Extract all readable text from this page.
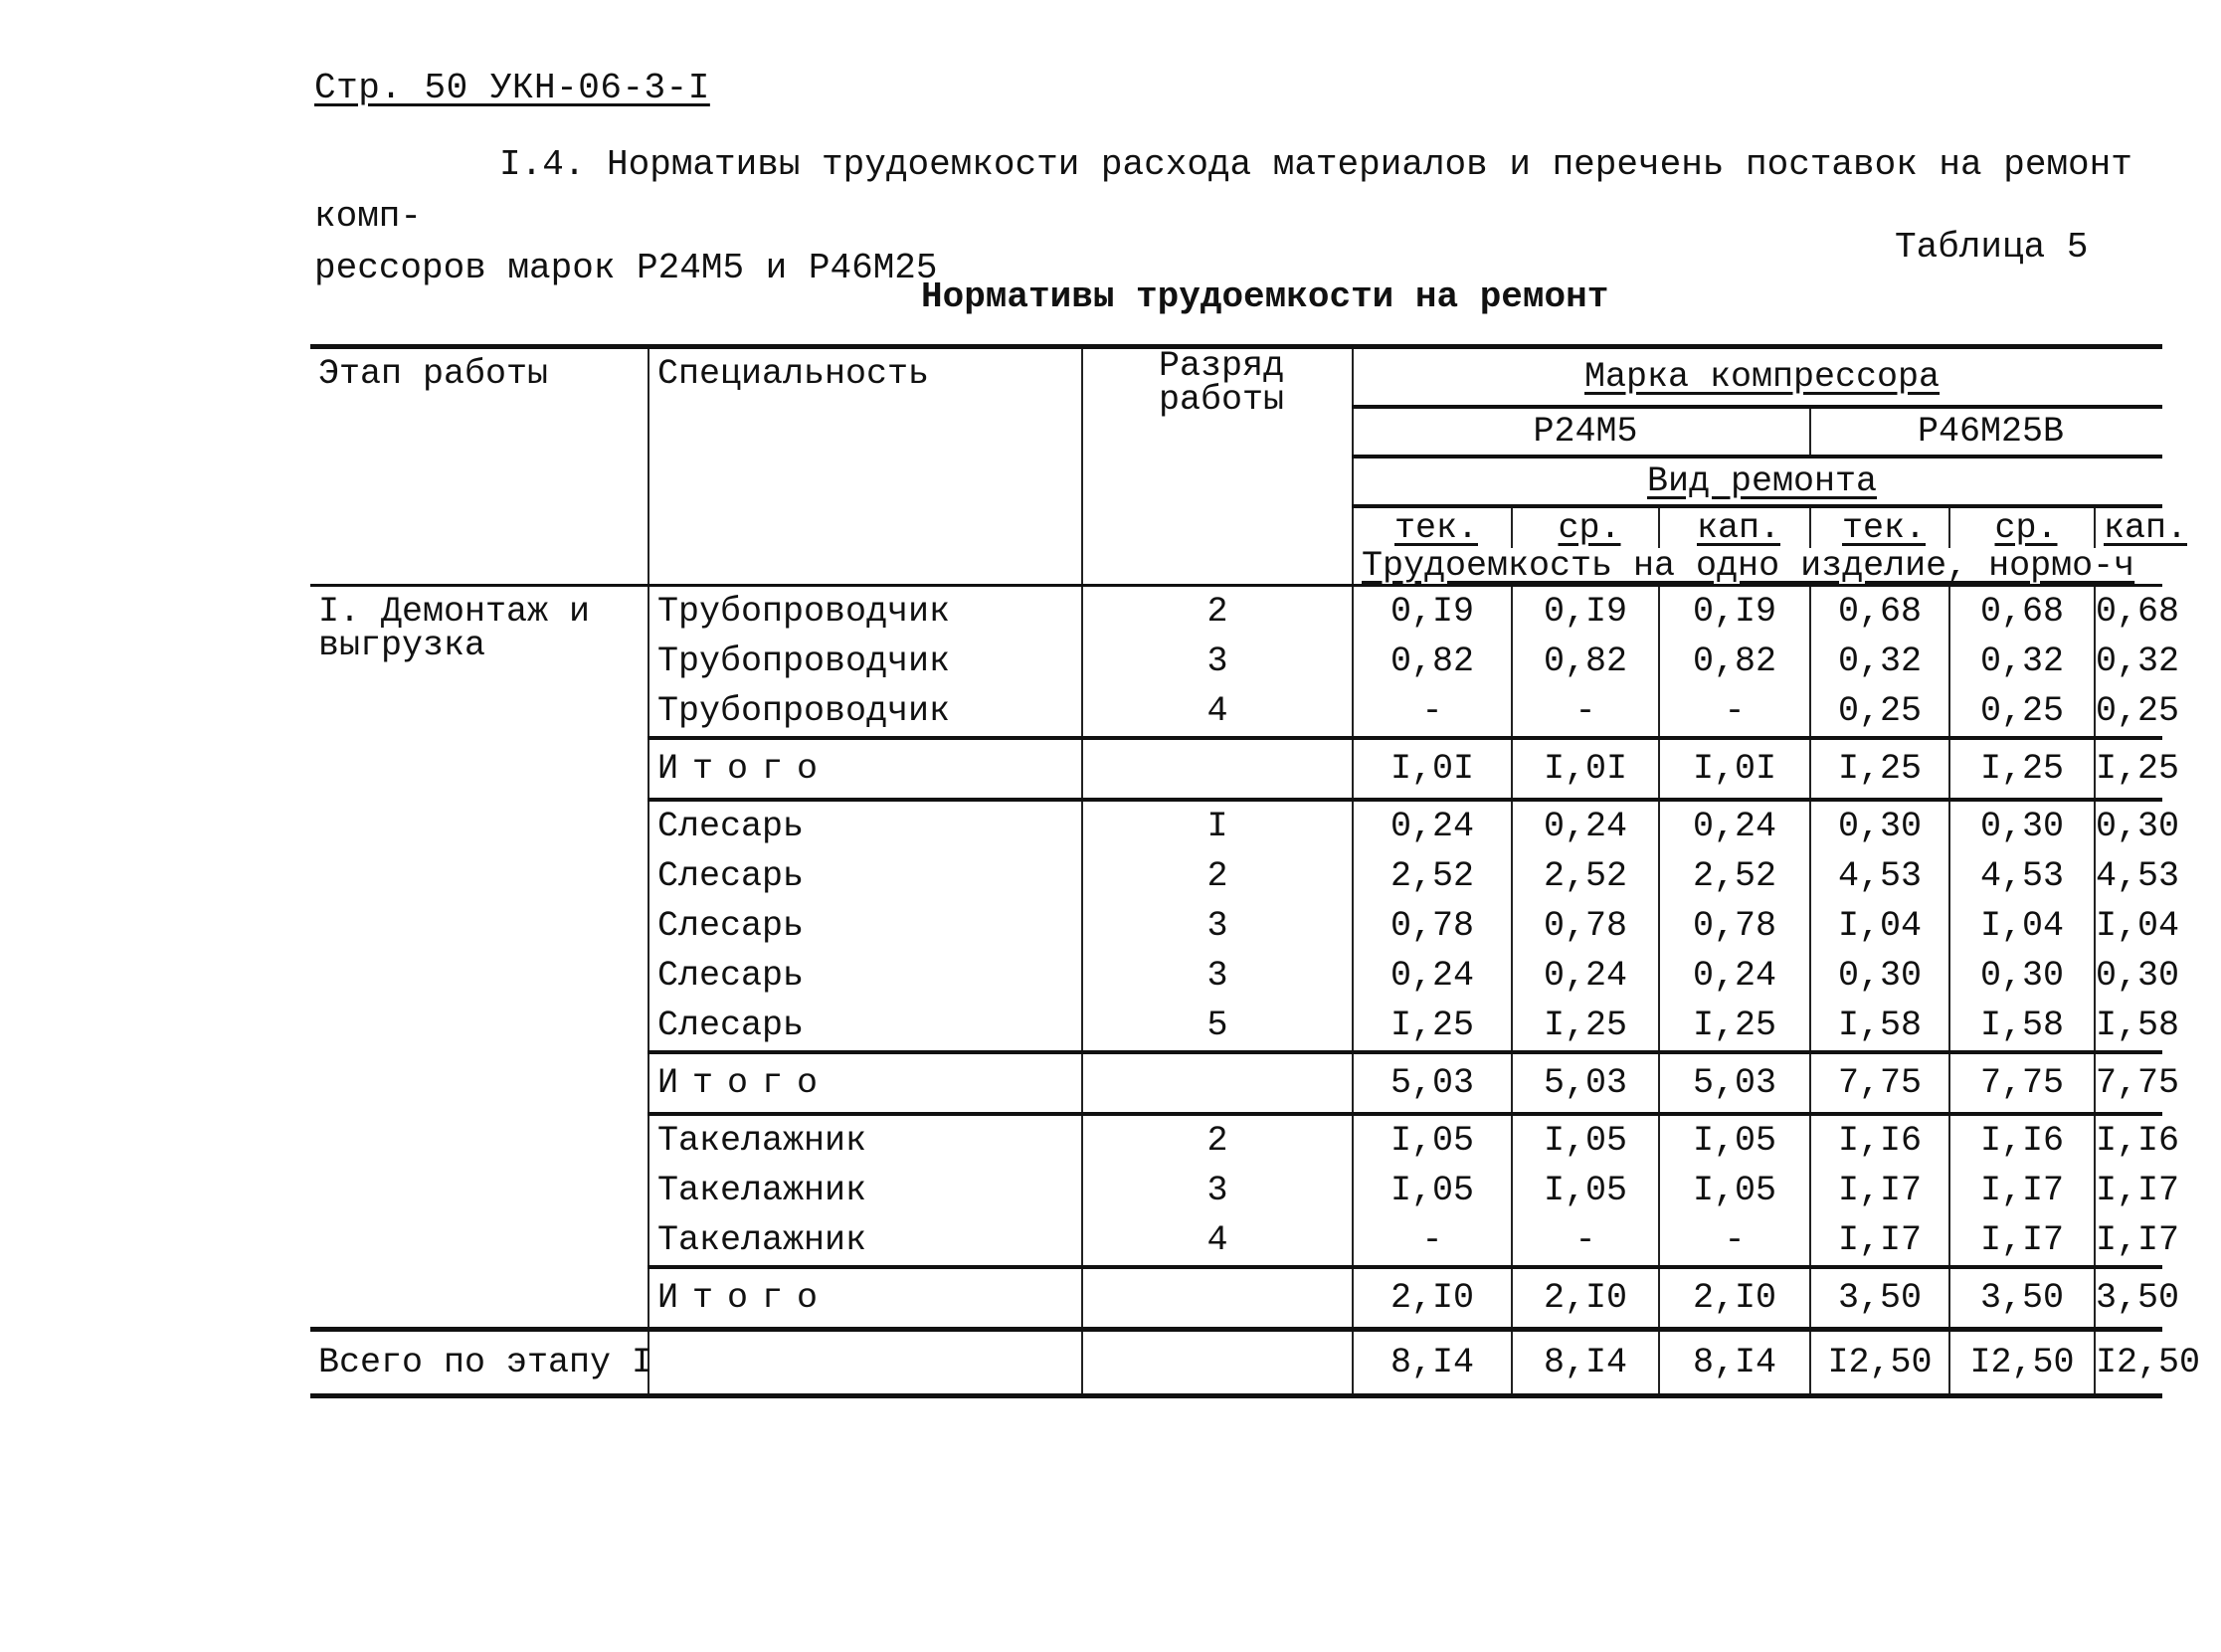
Стр. 50 УКН-06-3-I
I.4. Нормативы трудоемкости расхода материалов и перечень поставок на ремонт комп-
рессоров марок Р24М5 и Р46М25
Таблица 5
Нормативы трудоемкости на ремонт
Этап работы	Специальность	Разряд работы	Марка компрессора					
			Р24М5			Р46М25В		
			Вид ремонта					
			тек.	ср.	кап.	тек.	ср.	кап.
			Трудоемкость на одно изделие, нормо-ч					
I. Демонтаж и выгрузка	Трубопроводчик	2	0,I9	0,I9	0,I9	0,68	0,68	0,68
	Трубопроводчик	3	0,82	0,82	0,82	0,32	0,32	0,32
	Трубопроводчик	4	-	-	-	0,25	0,25	0,25
	Итого		I,0I	I,0I	I,0I	I,25	I,25	I,25
	Слесарь	I	0,24	0,24	0,24	0,30	0,30	0,30
	Слесарь	2	2,52	2,52	2,52	4,53	4,53	4,53
	Слесарь	3	0,78	0,78	0,78	I,04	I,04	I,04
	Слесарь	3	0,24	0,24	0,24	0,30	0,30	0,30
	Слесарь	5	I,25	I,25	I,25	I,58	I,58	I,58
	Итого		5,03	5,03	5,03	7,75	7,75	7,75
	Такелажник	2	I,05	I,05	I,05	I,I6	I,I6	I,I6
	Такелажник	3	I,05	I,05	I,05	I,I7	I,I7	I,I7
	Такелажник	4	-	-	-	I,I7	I,I7	I,I7
	Итого		2,I0	2,I0	2,I0	3,50	3,50	3,50
Всего по этапу I			8,I4	8,I4	8,I4	I2,50	I2,50	I2,50
